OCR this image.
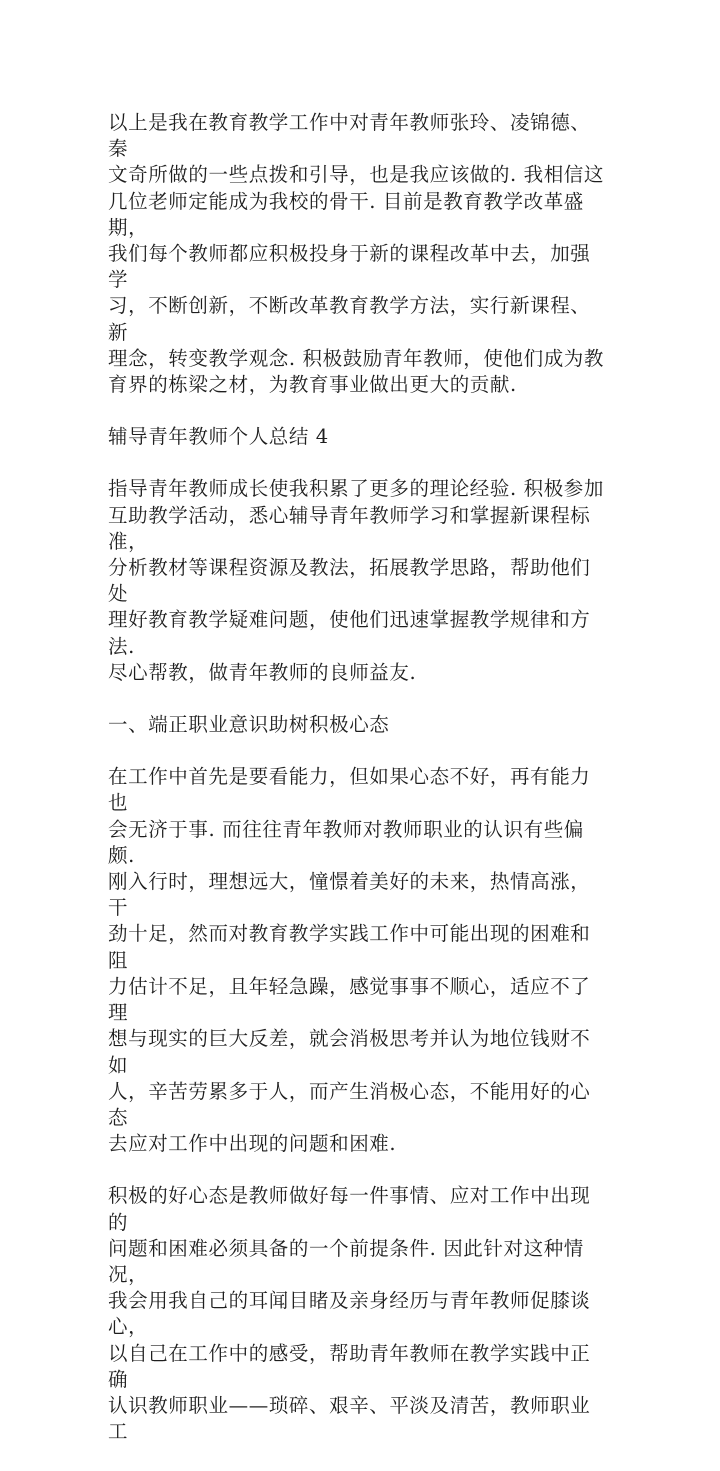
以上是我在教育教学工作中对青年教师张玲、凌锦德、秦
文奇所做的一些点拨和引导，也是我应该做的. 我相信这
几位老师定能成为我校的骨干. 目前是教育教学改革盛期，
我们每个教师都应积极投身于新的课程改革中去，加强学
习，不断创新，不断改革教育教学方法，实行新课程、新
理念，转变教学观念. 积极鼓励青年教师，使他们成为教
育界的栋梁之材，为教育事业做出更大的贡献.

辅导青年教师个人总结 4

指导青年教师成长使我积累了更多的理论经验. 积极参加
互助教学活动，悉心辅导青年教师学习和掌握新课程标准，
分析教材等课程资源及教法，拓展教学思路，帮助他们处
理好教育教学疑难问题，使他们迅速掌握教学规律和方法.
尽心帮教，做青年教师的良师益友.

一、端正职业意识助树积极心态

在工作中首先是要看能力，但如果心态不好，再有能力也
会无济于事. 而往往青年教师对教师职业的认识有些偏颇.
刚入行时，理想远大，憧憬着美好的未来，热情高涨，干
劲十足，然而对教育教学实践工作中可能出现的困难和阻
力估计不足，且年轻急躁，感觉事事不顺心，适应不了理
想与现实的巨大反差，就会消极思考并认为地位钱财不如
人，辛苦劳累多于人，而产生消极心态，不能用好的心态
去应对工作中出现的问题和困难.

积极的好心态是教师做好每一件事情、应对工作中出现的
问题和困难必须具备的一个前提条件. 因此针对这种情况，
我会用我自己的耳闻目睹及亲身经历与青年教师促膝谈心，
以自己在工作中的感受，帮助青年教师在教学实践中正确
认识教师职业——琐碎、艰辛、平淡及清苦，教师职业工
